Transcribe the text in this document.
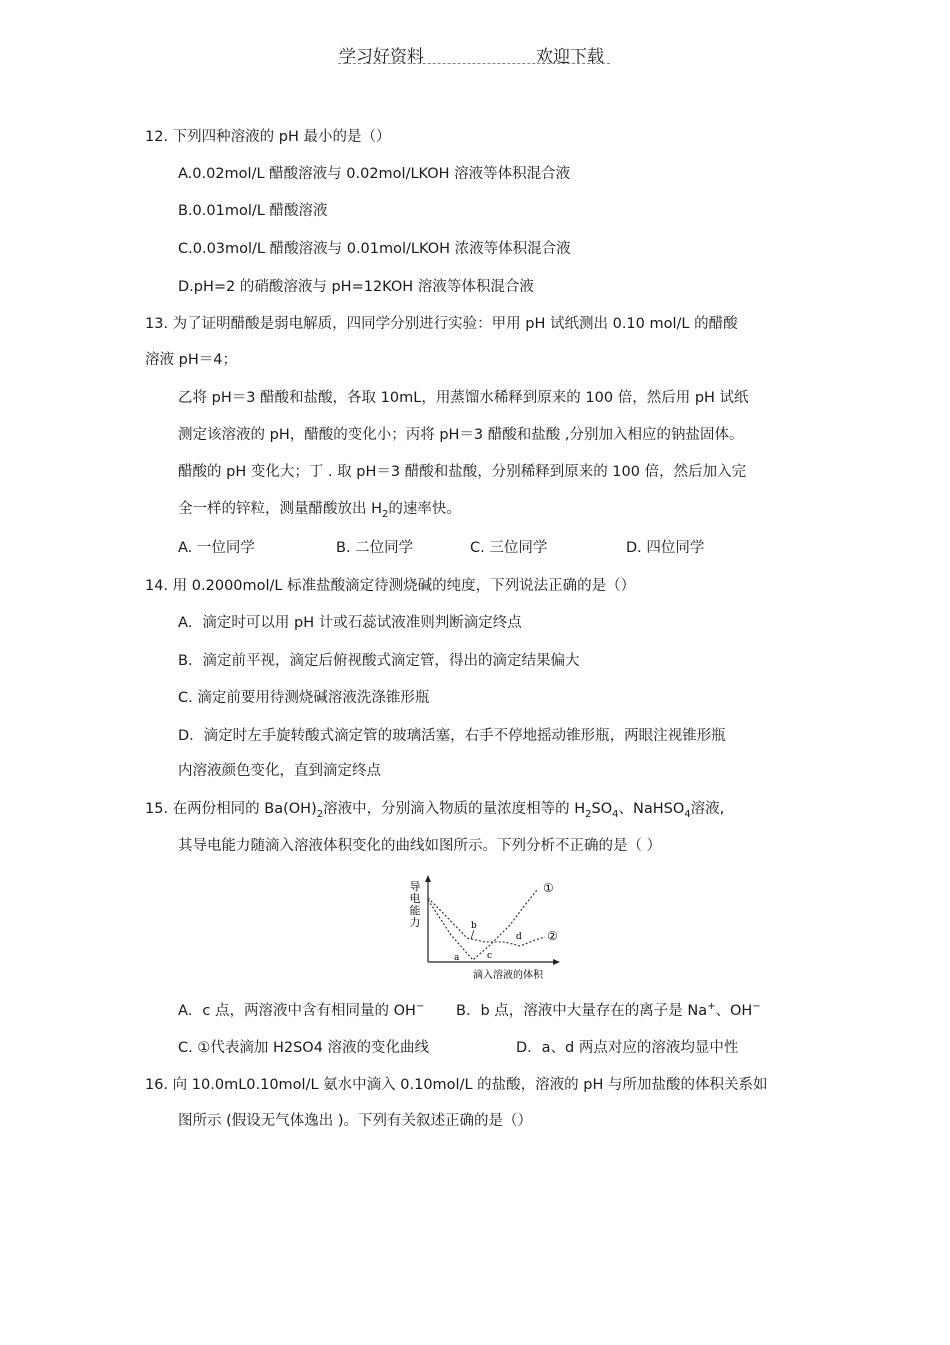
学习好资料	欢迎下载
12. 下列四种溶液的 pH 最小的是（）
A.0.02mol/L 醋酸溶液与 0.02mol/LKOH 溶液等体积混合液
B.0.01mol/L 醋酸溶液
C.0.03mol/L 醋酸溶液与 0.01mol/LKOH 浓液等体积混合液
D.pH=2 的硝酸溶液与 pH=12KOH 溶液等体积混合液
13. 为了证明醋酸是弱电解质，四同学分别进行实验：甲用 pH 试纸测出 0.10 mol/L 的醋酸
溶液 pH＝4；
乙将 pH＝3 醋酸和盐酸，各取 10mL，用蒸馏水稀释到原来的 100 倍，然后用 pH 试纸
测定该溶液的 pH，醋酸的变化小；丙将 pH＝3 醋酸和盐酸 ,分别加入相应的钠盐固体。
醋酸的 pH 变化大；丁 . 取 pH＝3 醋酸和盐酸，分别稀释到原来的 100 倍，然后加入完
全一样的锌粒，测量醋酸放出 $H_2$的速率快。
A. 一位同学	B. 二位同学	C. 三位同学	D. 四位同学
14. 用 0.2000mol/L 标准盐酸滴定待测烧碱的纯度，下列说法正确的是（）
A．滴定时可以用 pH 计或石蕊试液准则判断滴定终点
B．滴定前平视，滴定后俯视酸式滴定管，得出的滴定结果偏大
C. 滴定前要用待测烧碱溶液洗涤锥形瓶
D．滴定时左手旋转酸式滴定管的玻璃活塞，右手不停地摇动锥形瓶，两眼注视锥形瓶
内溶液颜色变化，直到滴定终点
15. 在两份相同的 $Ba(OH)_2$溶液中，分别滴入物质的量浓度相等的 $H_2SO_4$、NaHSO$_4$溶液,
其导电能力随滴入溶液体积变化的曲线如图所示。下列分析不正确的是（ ）
导
电
能
力
①
②
a
b
c
d
滴入溶液的体积
A．c 点，两溶液中含有相同量的 OH− B．b 点，溶液中大量存在的离子是 Na+、OH−
C. ①代表滴加 H2SO4 溶液的变化曲线	D．a、d 两点对应的溶液均显中性
16. 向 10.0mL0.10mol/L 氨水中滴入 0.10mol/L 的盐酸，溶液的 pH 与所加盐酸的体积关系如
图所示 (假设无气体逸出 )。下列有关叙述正确的是（）
